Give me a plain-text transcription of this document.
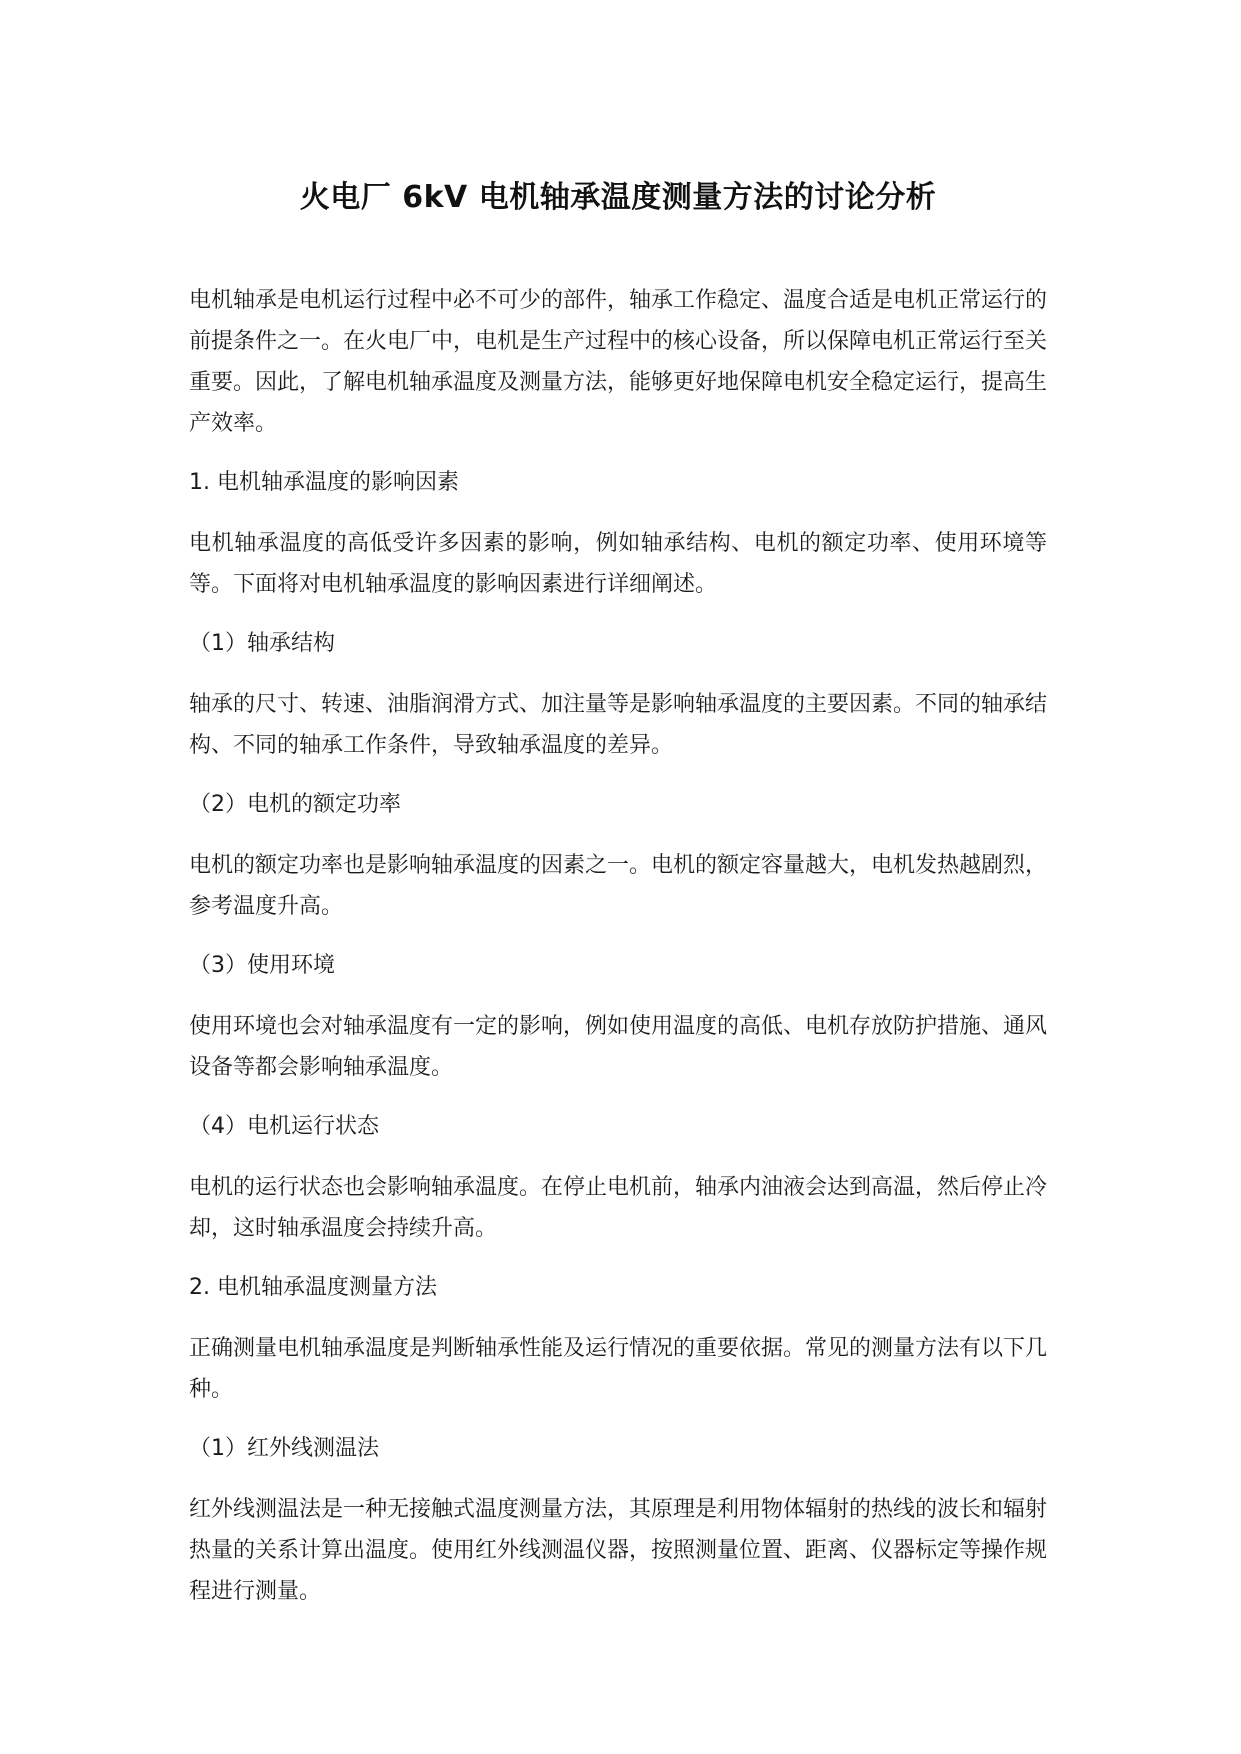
火电厂 6kV 电机轴承温度测量方法的讨论分析

电机轴承是电机运行过程中必不可少的部件，轴承工作稳定、温度合适是电机正常运行的前提条件之一。在火电厂中，电机是生产过程中的核心设备，所以保障电机正常运行至关重要。因此，了解电机轴承温度及测量方法，能够更好地保障电机安全稳定运行，提高生产效率。

1. 电机轴承温度的影响因素

电机轴承温度的高低受许多因素的影响，例如轴承结构、电机的额定功率、使用环境等等。下面将对电机轴承温度的影响因素进行详细阐述。

（1）轴承结构

轴承的尺寸、转速、油脂润滑方式、加注量等是影响轴承温度的主要因素。不同的轴承结构、不同的轴承工作条件，导致轴承温度的差异。

（2）电机的额定功率

电机的额定功率也是影响轴承温度的因素之一。电机的额定容量越大，电机发热越剧烈，参考温度升高。

（3）使用环境

使用环境也会对轴承温度有一定的影响，例如使用温度的高低、电机存放防护措施、通风设备等都会影响轴承温度。

（4）电机运行状态

电机的运行状态也会影响轴承温度。在停止电机前，轴承内油液会达到高温，然后停止冷却，这时轴承温度会持续升高。

2. 电机轴承温度测量方法

正确测量电机轴承温度是判断轴承性能及运行情况的重要依据。常见的测量方法有以下几种。

（1）红外线测温法

红外线测温法是一种无接触式温度测量方法，其原理是利用物体辐射的热线的波长和辐射热量的关系计算出温度。使用红外线测温仪器，按照测量位置、距离、仪器标定等操作规程进行测量。
